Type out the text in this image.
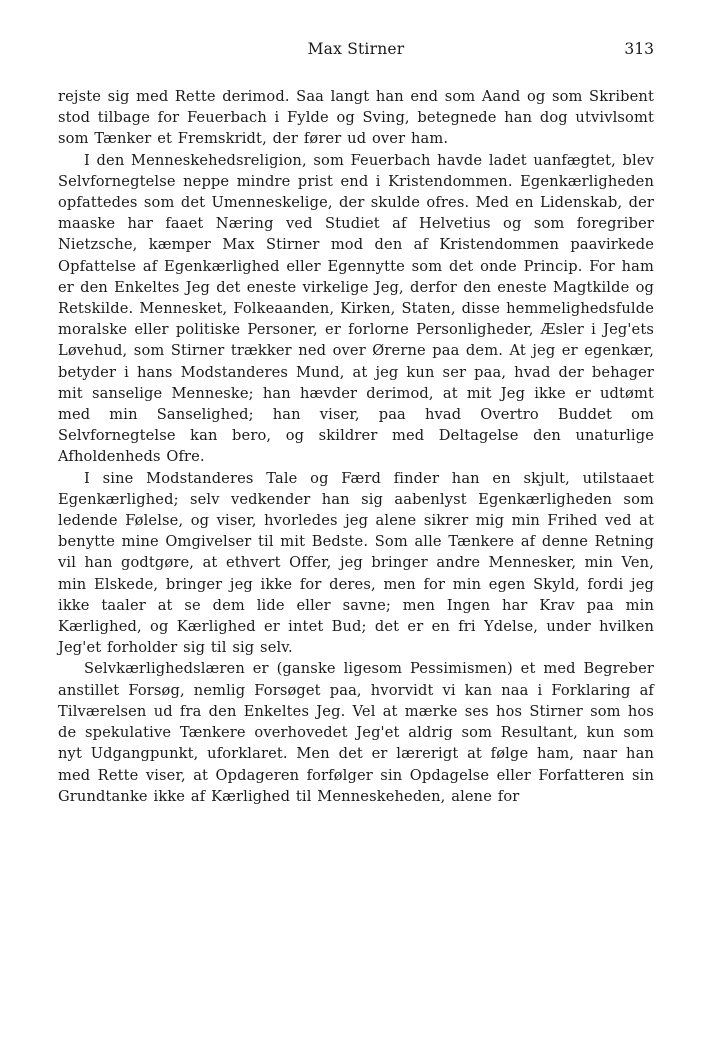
Max Stirner	313

rejste sig med Rette derimod. Saa langt han end som Aand og som Skribent stod tilbage for Feuerbach i Fylde og Sving, betegnede han dog utvivlsomt som Tænker et Fremskridt, der fører ud over ham.

I den Menneskehedsreligion, som Feuerbach havde ladet uanfægtet, blev Selvfornegtelse neppe mindre prist end i Kristendommen. Egenkærligheden opfattedes som det Umenneskelige, der skulde ofres. Med en Lidenskab, der maaske har faaet Næring ved Studiet af Helvetius og som foregriber Nietzsche, kæmper Max Stirner mod den af Kristendommen paavirkede Opfattelse af Egenkærlighed eller Egennytte som det onde Princip. For ham er den Enkeltes Jeg det eneste virkelige Jeg, derfor den eneste Magtkilde og Retskilde. Mennesket, Folkeaanden, Kirken, Staten, disse hemmelighedsfulde moralske eller politiske Personer, er forlorne Personligheder, Æsler i Jeg'ets Løvehud, som Stirner trækker ned over Ørerne paa dem. At jeg er egenkær, betyder i hans Modstanderes Mund, at jeg kun ser paa, hvad der behager mit sanselige Menneske; han hævder derimod, at mit Jeg ikke er udtømt med min Sanselighed; han viser, paa hvad Overtro Buddet om Selvfornegtelse kan bero, og skildrer med Deltagelse den unaturlige Afholdenheds Ofre.

I sine Modstanderes Tale og Færd finder han en skjult, utilstaaet Egenkærlighed; selv vedkender han sig aabenlyst Egenkærligheden som ledende Følelse, og viser, hvorledes jeg alene sikrer mig min Frihed ved at benytte mine Omgivelser til mit Bedste. Som alle Tænkere af denne Retning vil han godtgøre, at ethvert Offer, jeg bringer andre Mennesker, min Ven, min Elskede, bringer jeg ikke for deres, men for min egen Skyld, fordi jeg ikke taaler at se dem lide eller savne; men Ingen har Krav paa min Kærlighed, og Kærlighed er intet Bud; det er en fri Ydelse, under hvilken Jeg'et forholder sig til sig selv.

Selvkærlighedslæren er (ganske ligesom Pessimismen) et med Begreber anstillet Forsøg, nemlig Forsøget paa, hvorvidt vi kan naa i Forklaring af Tilværelsen ud fra den Enkeltes Jeg. Vel at mærke ses hos Stirner som hos de spekulative Tænkere overhovedet Jeg'et aldrig som Resultant, kun som nyt Udgangpunkt, uforklaret. Men det er lærerigt at følge ham, naar han med Rette viser, at Opdageren forfølger sin Opdagelse eller Forfatteren sin Grundtanke ikke af Kærlighed til Menneskeheden, alene for
